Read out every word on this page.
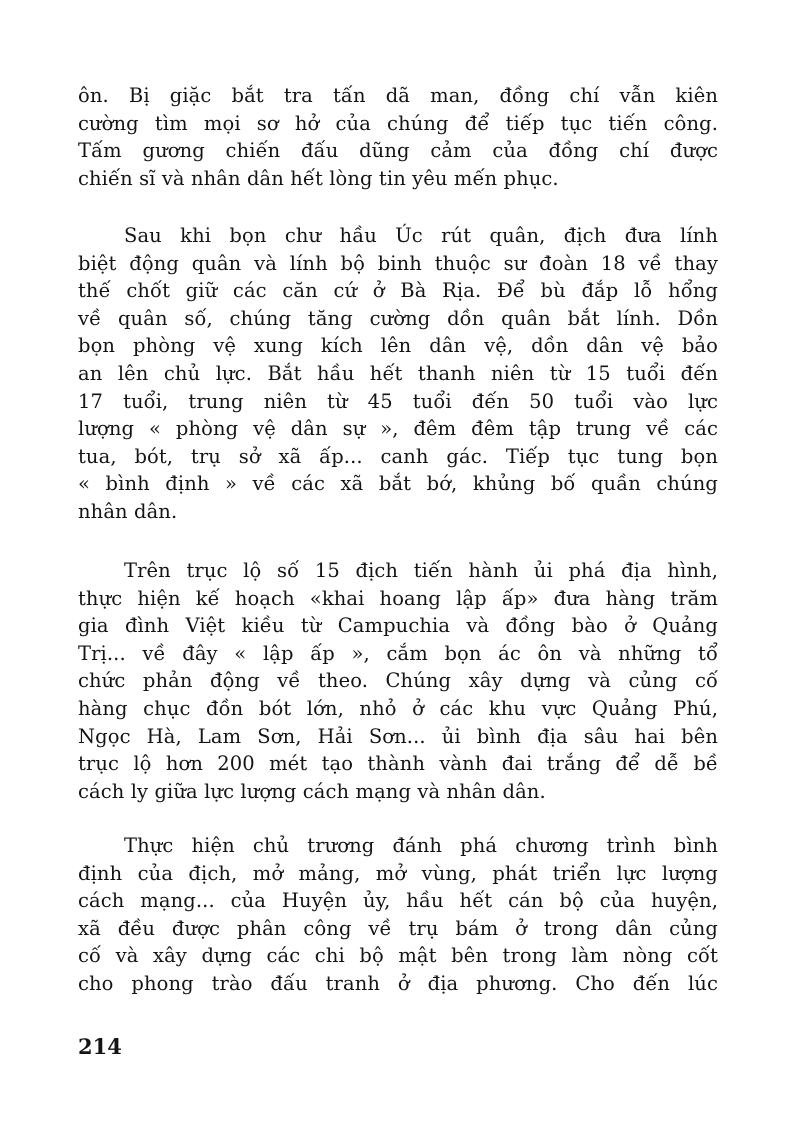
ôn. Bị giặc bắt tra tấn dã man, đồng chí vẫn kiên
cường tìm mọi sơ hở của chúng để tiếp tục tiến công.
Tấm gương chiến đấu dũng cảm của đồng chí được
chiến sĩ và nhân dân hết lòng tin yêu mến phục.
Sau khi bọn chư hầu Úc rút quân, địch đưa lính
biệt động quân và lính bộ binh thuộc sư đoàn 18 về thay
thế chốt giữ các căn cứ ở Bà Rịa. Để bù đắp lỗ hổng
về quân số, chúng tăng cường dồn quân bắt lính. Dồn
bọn phòng vệ xung kích lên dân vệ, dồn dân vệ bảo
an lên chủ lực. Bắt hầu hết thanh niên từ 15 tuổi đến
17 tuổi, trung niên từ 45 tuổi đến 50 tuổi vào lực
lượng « phòng vệ dân sự », đêm đêm tập trung về các
tua, bót, trụ sở xã ấp... canh gác. Tiếp tục tung bọn
« bình định » về các xã bắt bớ, khủng bố quần chúng
nhân dân.
Trên trục lộ số 15 địch tiến hành ủi phá địa hình,
thực hiện kế hoạch «khai hoang lập ấp» đưa hàng trăm
gia đình Việt kiều từ Campuchia và đồng bào ở Quảng
Trị... về đây « lập ấp », cắm bọn ác ôn và những tổ
chức phản động về theo. Chúng xây dựng và củng cố
hàng chục đồn bót lớn, nhỏ ở các khu vực Quảng Phú,
Ngọc Hà, Lam Sơn, Hải Sơn... ủi bình địa sâu hai bên
trục lộ hơn 200 mét tạo thành vành đai trắng để dễ bề
cách ly giữa lực lượng cách mạng và nhân dân.
Thực hiện chủ trương đánh phá chương trình bình
định của địch, mở mảng, mở vùng, phát triển lực lượng
cách mạng... của Huyện ủy, hầu hết cán bộ của huyện,
xã đều được phân công về trụ bám ở trong dân củng
cố và xây dựng các chi bộ mật bên trong làm nòng cốt
cho phong trào đấu tranh ở địa phương. Cho đến lúc
214
